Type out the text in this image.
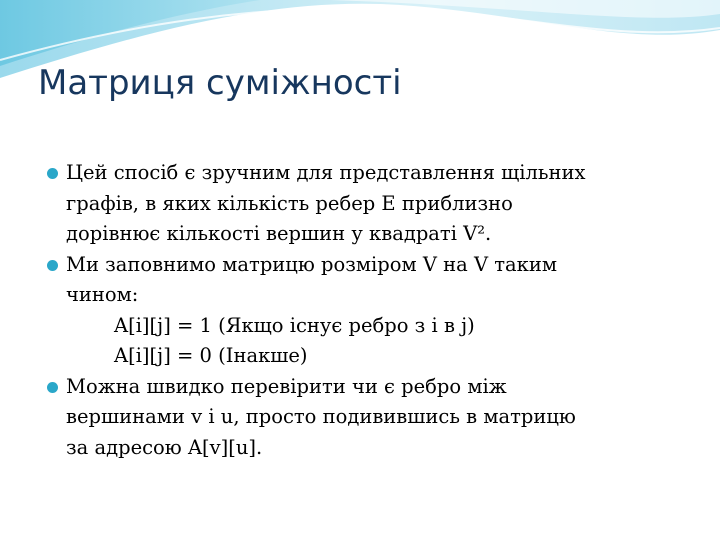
Матриця суміжності
Цей спосіб є зручним для представлення щільних
графів, в яких кількість ребер E приблизно
дорівнює кількості вершин у квадраті V².
Ми заповнимо матрицю розміром V на V таким
чином:
A[i][j] = 1 (Якщо існує ребро з i в j)
A[i][j] = 0 (Інакше)
Можна швидко перевірити чи є ребро між
вершинами v і u, просто подивившись в матрицю
за адресою A[v][u].
